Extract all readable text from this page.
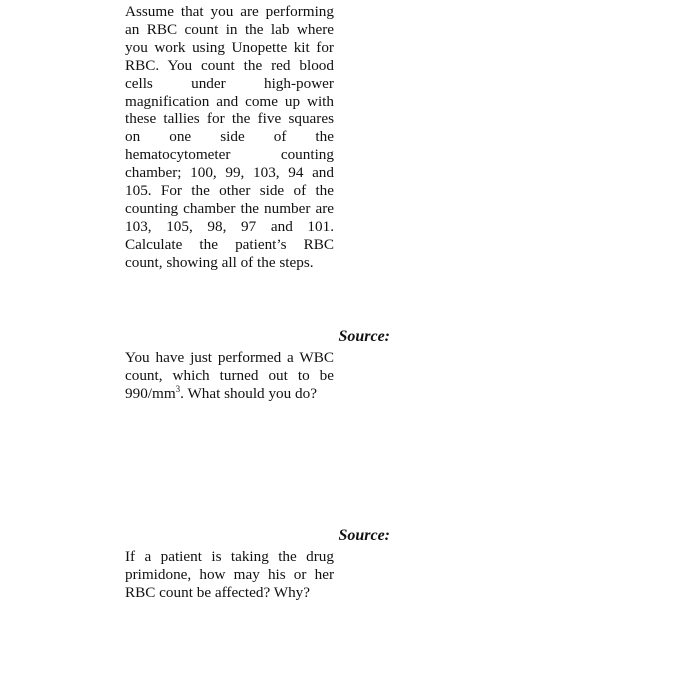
Assume that you are performing an RBC count in the lab where you work using Unopette kit for RBC. You count the red blood cells under high-power magnification and come up with these tallies for the five squares on one side of the hematocytometer counting chamber; 100, 99, 103, 94 and 105. For the other side of the counting chamber the number are 103, 105, 98, 97 and 101. Calculate the patient’s RBC count, showing all of the steps.

Source:

You have just performed a WBC count, which turned out to be $990/mm^3$. What should you do?

Source:

If a patient is taking the drug primidone, how may his or her RBC count be affected? Why?
